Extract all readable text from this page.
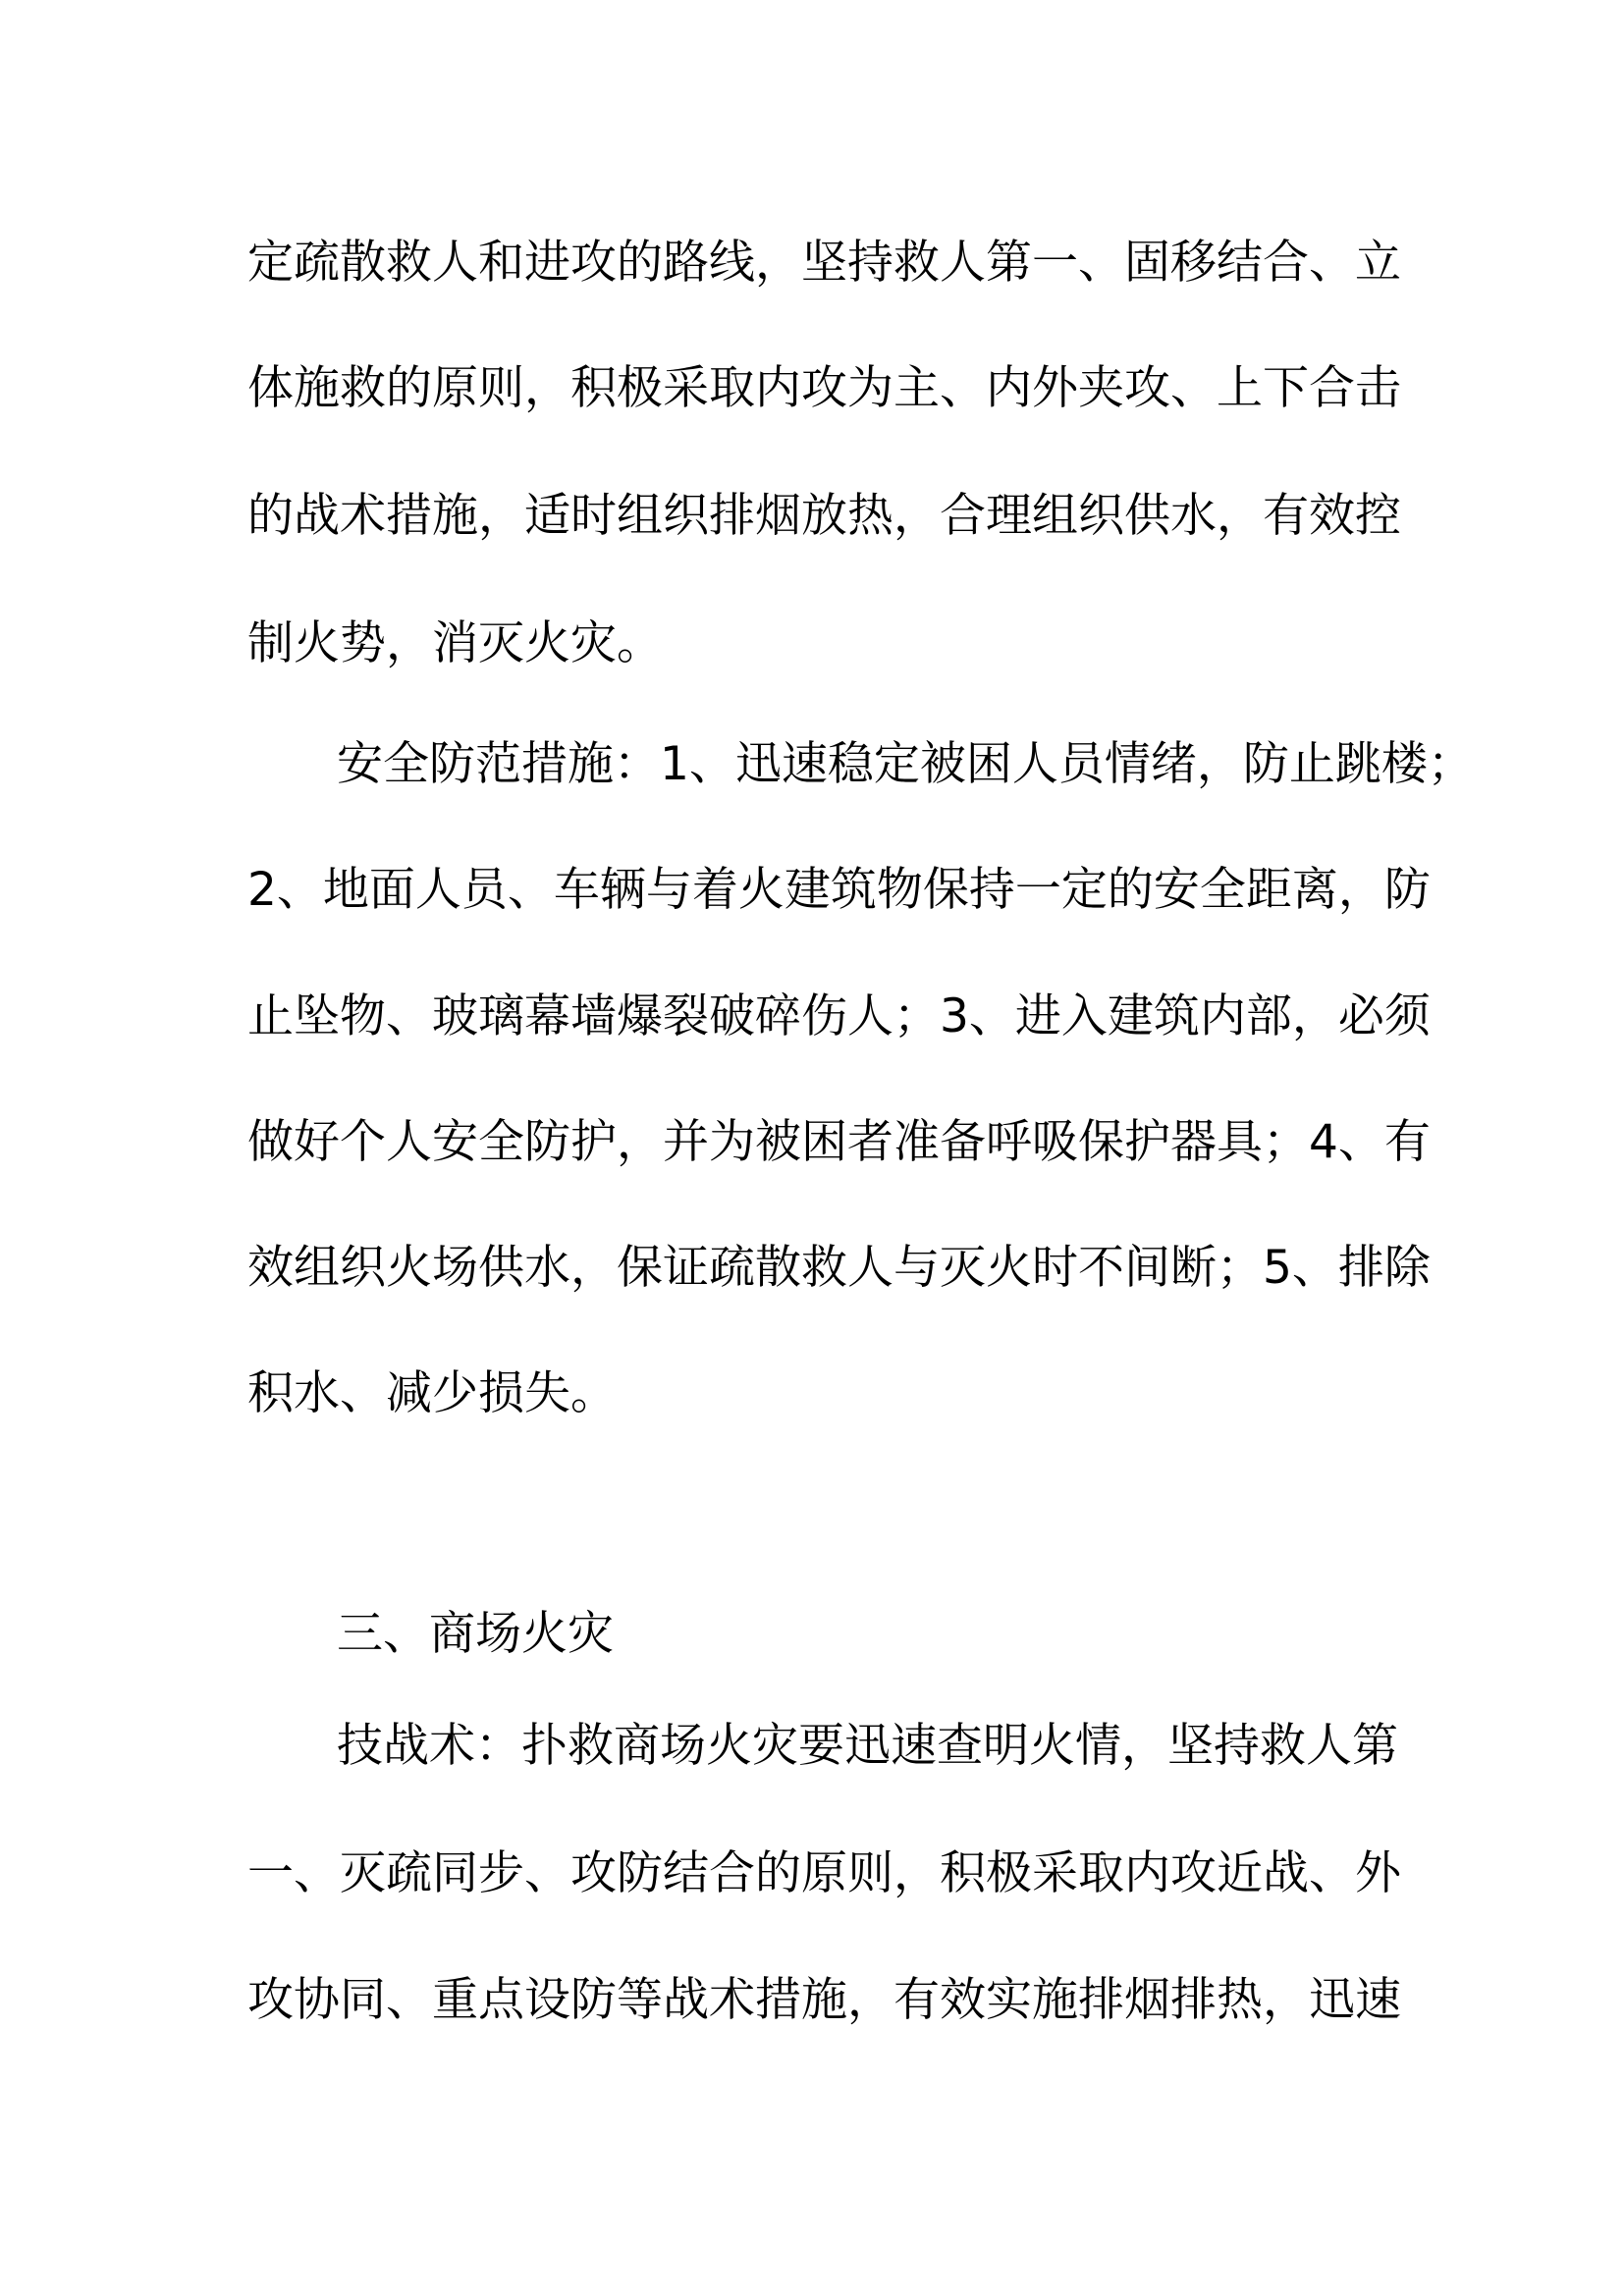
定疏散救人和进攻的路线，坚持救人第一、固移结合、立
体施救的原则，积极采取内攻为主、内外夹攻、上下合击
的战术措施，适时组织排烟放热，合理组织供水，有效控
制火势，消灭火灾。
安全防范措施：1、迅速稳定被困人员情绪，防止跳楼；
2、地面人员、车辆与着火建筑物保持一定的安全距离，防
止坠物、玻璃幕墙爆裂破碎伤人；3、进入建筑内部，必须
做好个人安全防护，并为被困者准备呼吸保护器具；4、有
效组织火场供水，保证疏散救人与灭火时不间断；5、排除
积水、减少损失。
三、商场火灾
技战术：扑救商场火灾要迅速查明火情，坚持救人第
一、灭疏同步、攻防结合的原则，积极采取内攻近战、外
攻协同、重点设防等战术措施，有效实施排烟排热，迅速
